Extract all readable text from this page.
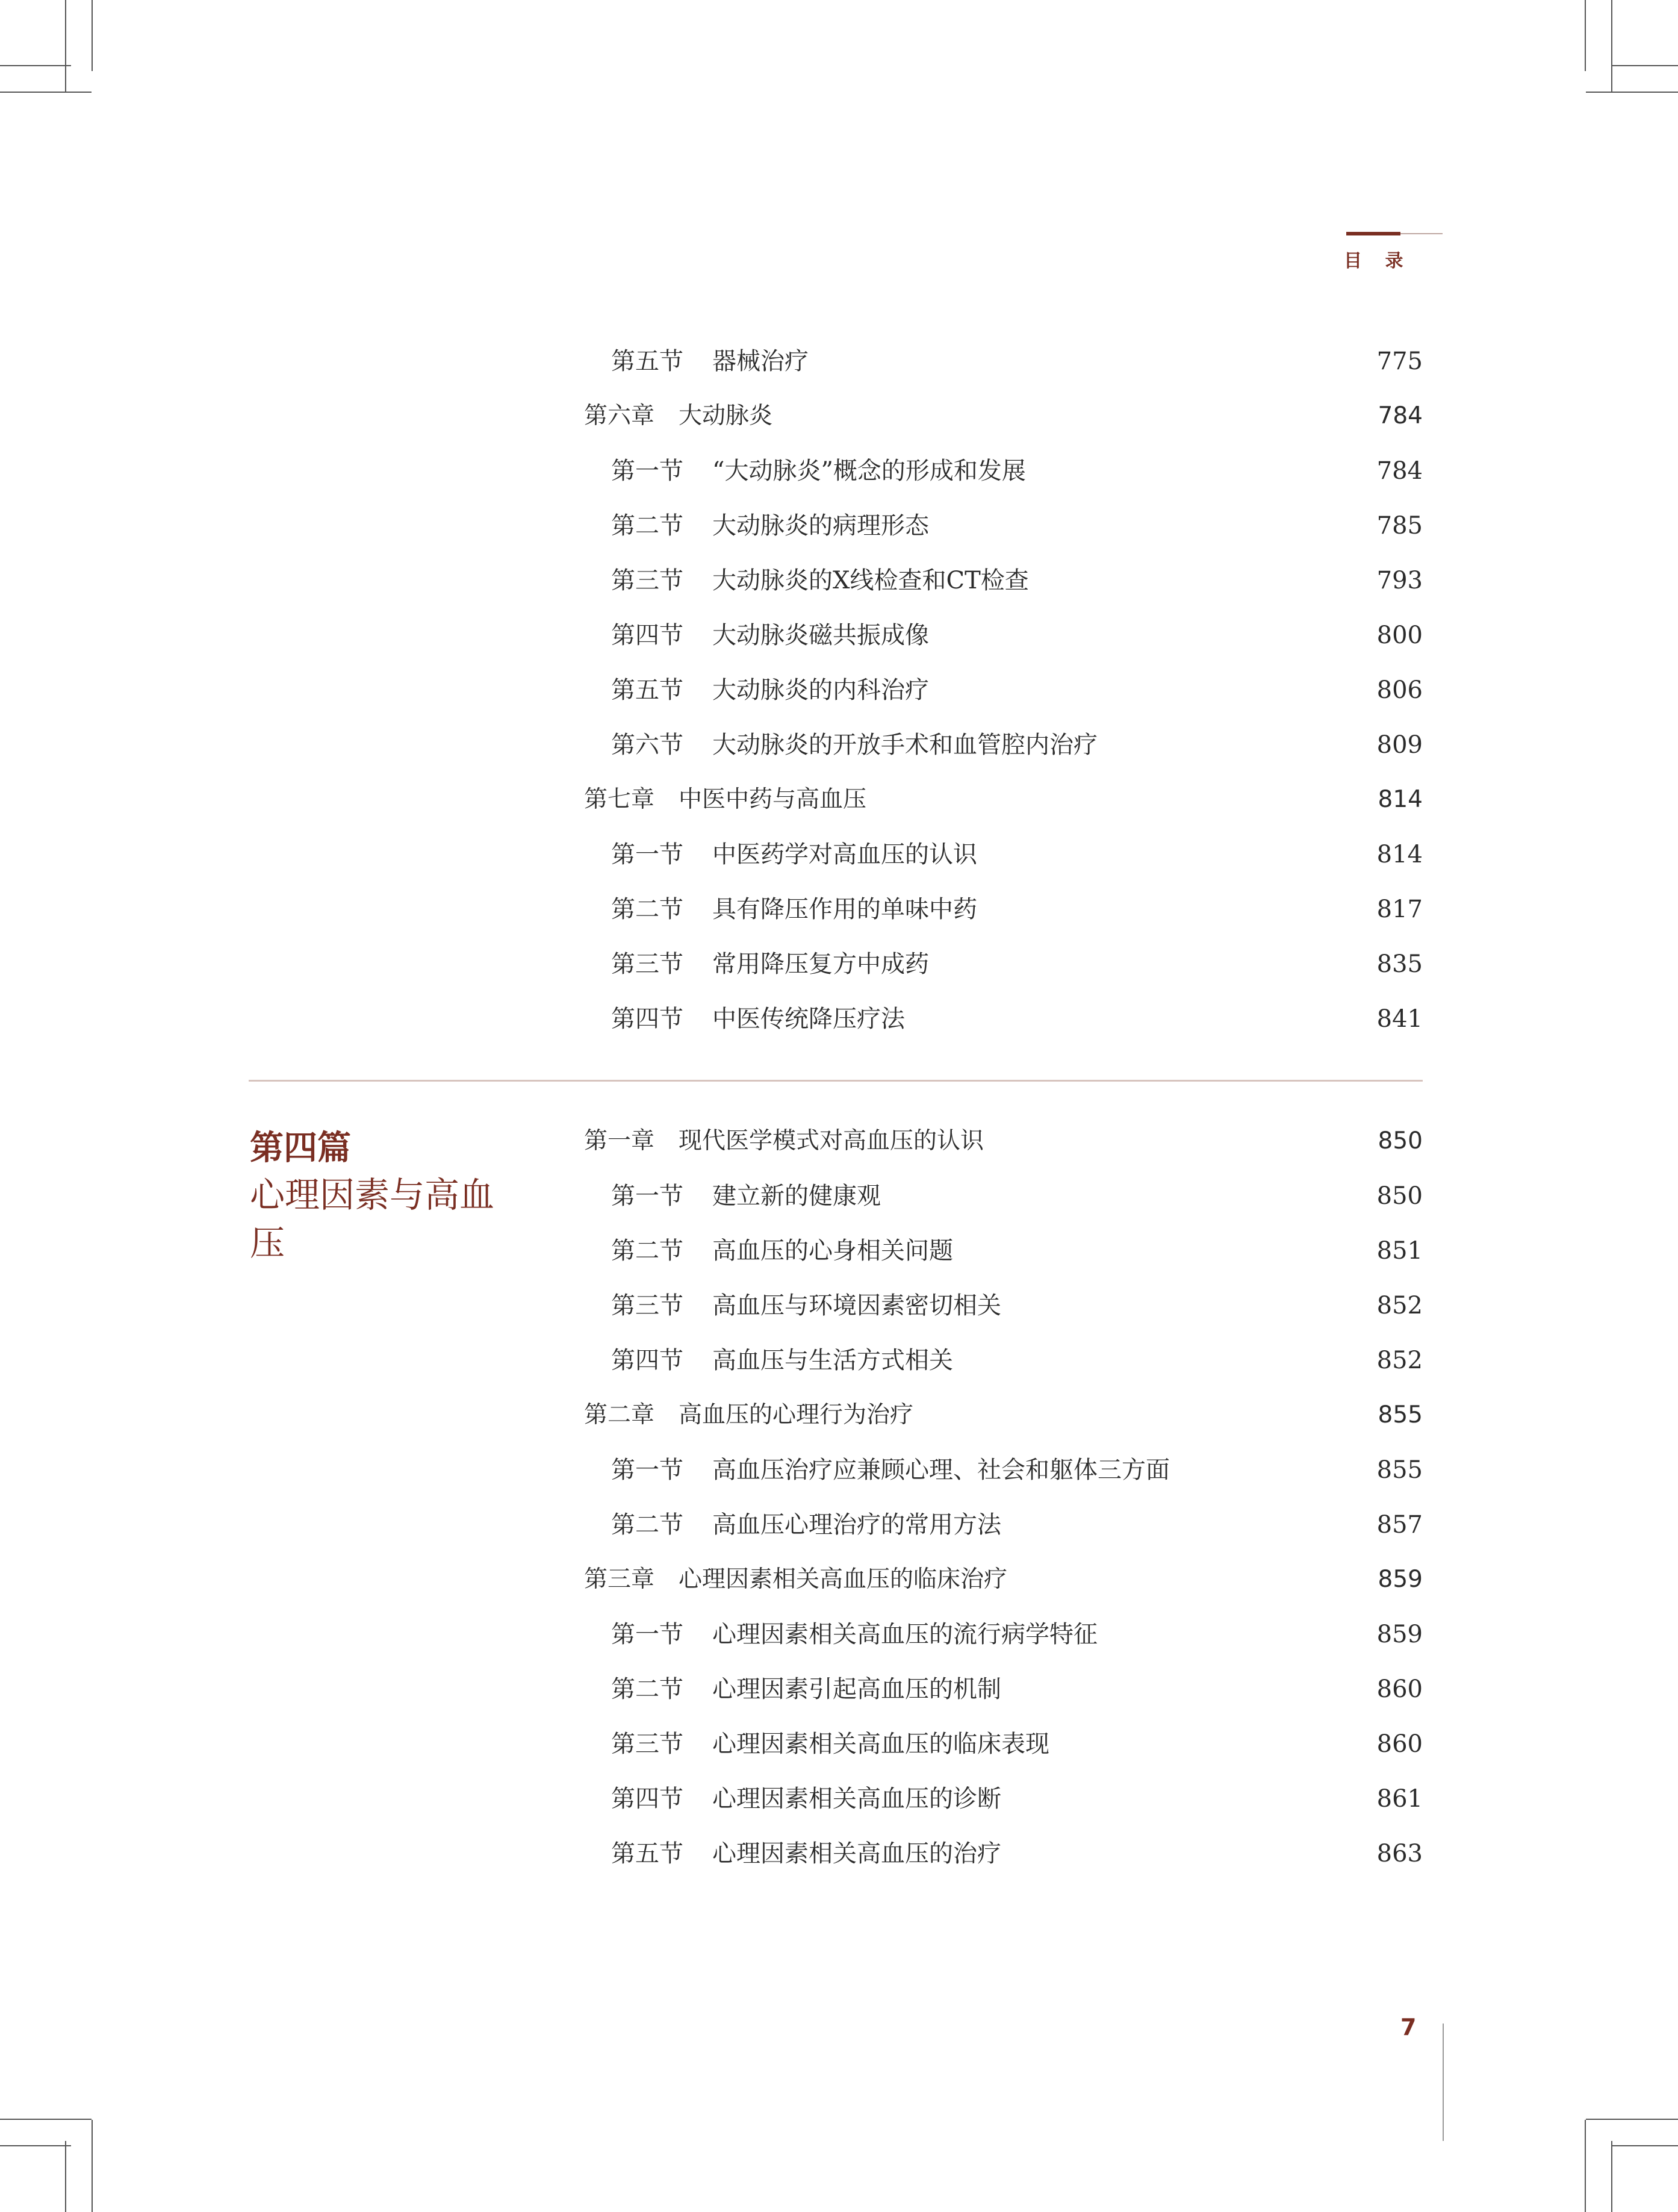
目 录
第五节 器械治疗	775
第六章 大动脉炎	784
第一节 “大动脉炎”概念的形成和发展	784
第二节 大动脉炎的病理形态	785
第三节 大动脉炎的X线检查和CT检查	793
第四节 大动脉炎磁共振成像	800
第五节 大动脉炎的内科治疗	806
第六节 大动脉炎的开放手术和血管腔内治疗	809
第七章 中医中药与高血压	814
第一节 中医药学对高血压的认识	814
第二节 具有降压作用的单味中药	817
第三节 常用降压复方中成药	835
第四节 中医传统降压疗法	841
第一章 现代医学模式对高血压的认识	850
第一节 建立新的健康观	850
第二节 高血压的心身相关问题	851
第三节 高血压与环境因素密切相关	852
第四节 高血压与生活方式相关	852
第二章 高血压的心理行为治疗	855
第一节 高血压治疗应兼顾心理、社会和躯体三方面	855
第二节 高血压心理治疗的常用方法	857
第三章 心理因素相关高血压的临床治疗	859
第一节 心理因素相关高血压的流行病学特征	859
第二节 心理因素引起高血压的机制	860
第三节 心理因素相关高血压的临床表现	860
第四节 心理因素相关高血压的诊断	861
第五节 心理因素相关高血压的治疗	863
第四篇
心理因素与高血压
7
